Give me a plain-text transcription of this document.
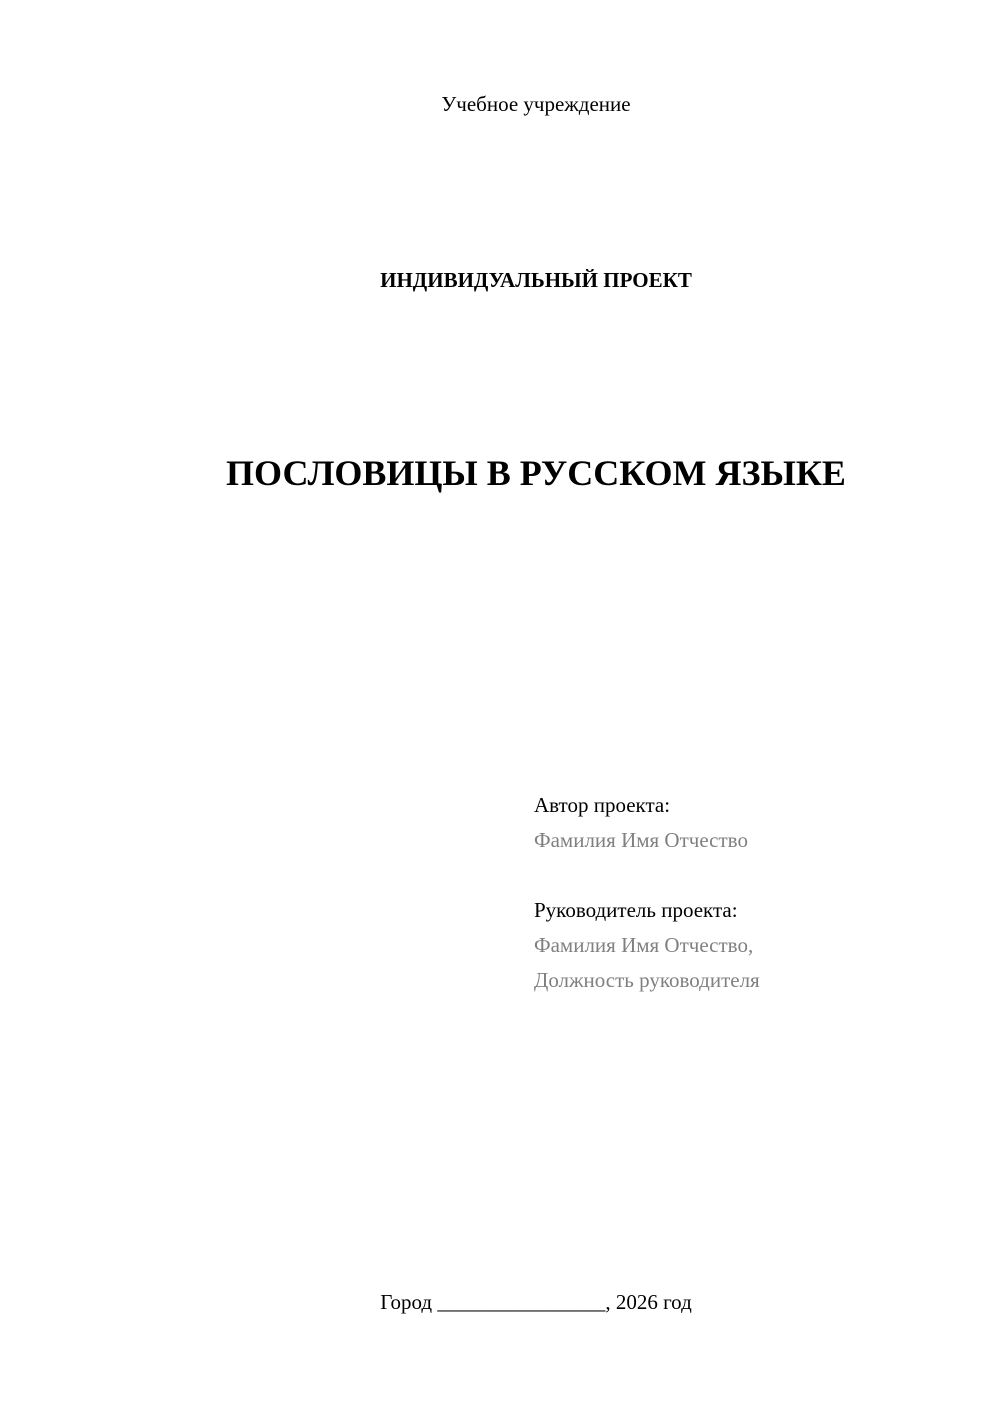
Учебное учреждение
ИНДИВИДУАЛЬНЫЙ ПРОЕКТ
ПОСЛОВИЦЫ В РУССКОМ ЯЗЫКЕ
Автор проекта:
Фамилия Имя Отчество
Руководитель проекта:
Фамилия Имя Отчество,
Должность руководителя
Город ________________, 2026 год
